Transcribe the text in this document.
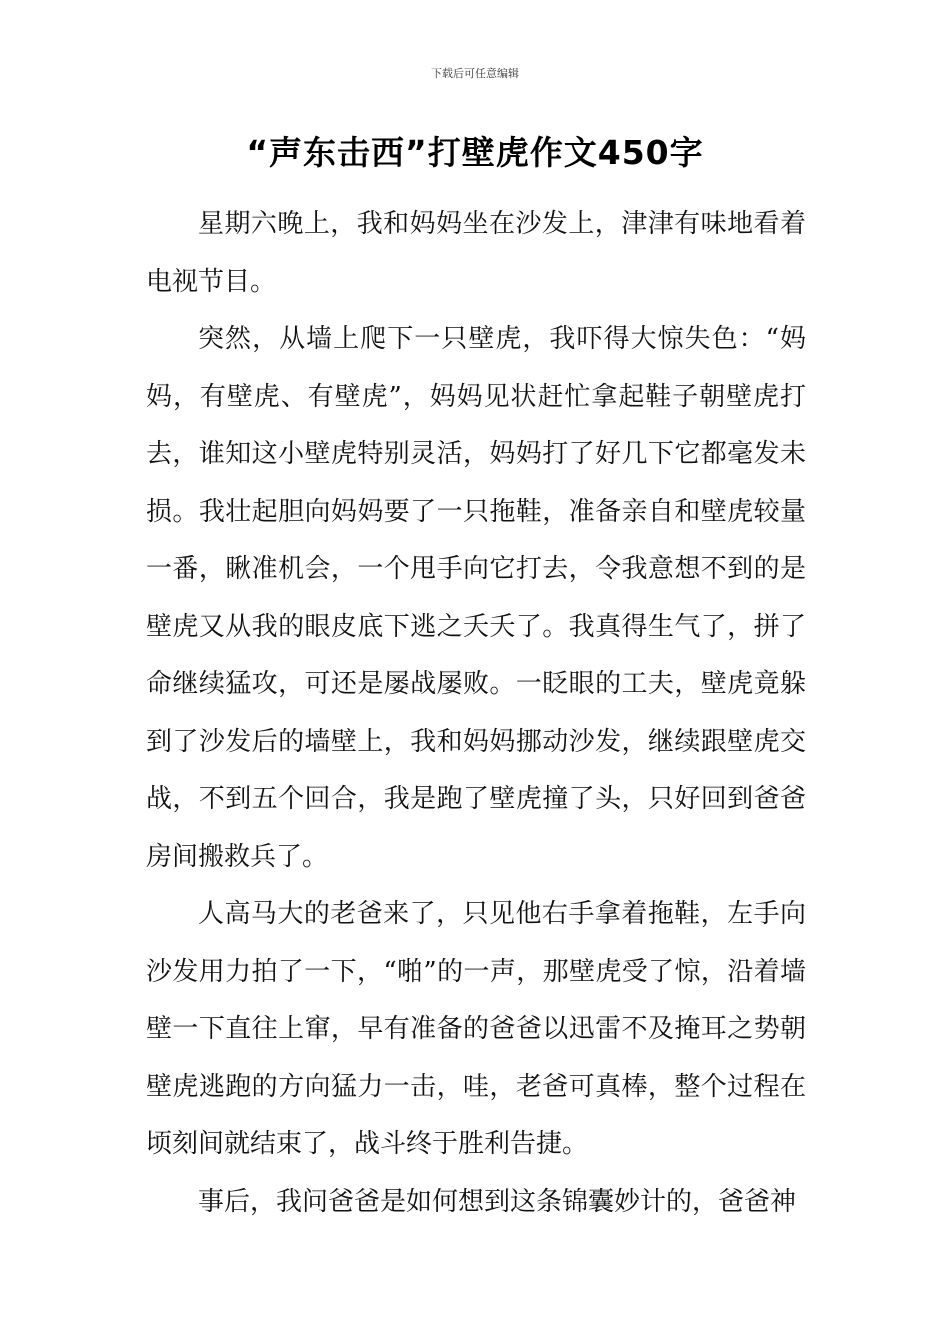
下载后可任意编辑
“声东击西”打壁虎作文450字

星期六晚上，我和妈妈坐在沙发上，津津有味地看着电视节目。

突然，从墙上爬下一只壁虎，我吓得大惊失色：“妈妈，有壁虎、有壁虎”，妈妈见状赶忙拿起鞋子朝壁虎打去，谁知这小壁虎特别灵活，妈妈打了好几下它都毫发未损。我壮起胆向妈妈要了一只拖鞋，准备亲自和壁虎较量一番，瞅准机会，一个甩手向它打去，令我意想不到的是壁虎又从我的眼皮底下逃之夭夭了。我真得生气了，拼了命继续猛攻，可还是屡战屡败。一眨眼的工夫，壁虎竟躲到了沙发后的墙壁上，我和妈妈挪动沙发，继续跟壁虎交战，不到五个回合，我是跑了壁虎撞了头，只好回到爸爸房间搬救兵了。

人高马大的老爸来了，只见他右手拿着拖鞋，左手向沙发用力拍了一下，“啪”的一声，那壁虎受了惊，沿着墙壁一下直往上窜，早有准备的爸爸以迅雷不及掩耳之势朝壁虎逃跑的方向猛力一击，哇，老爸可真棒，整个过程在顷刻间就结束了，战斗终于胜利告捷。

事后，我问爸爸是如何想到这条锦囊妙计的，爸爸神
